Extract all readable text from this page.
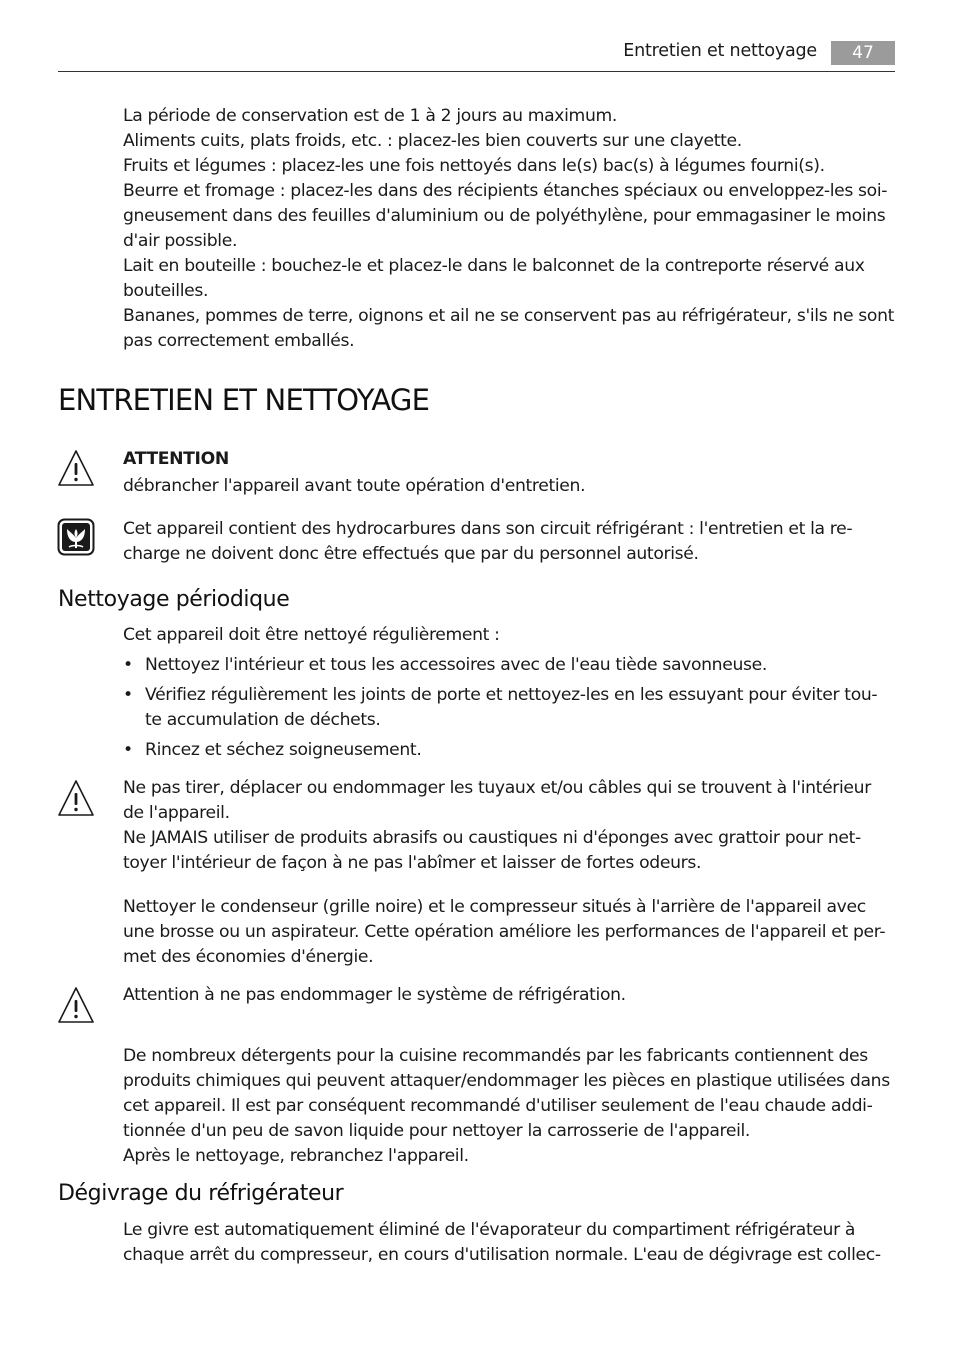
Entretien et nettoyage	47

La période de conservation est de 1 à 2 jours au maximum.

Aliments cuits, plats froids, etc. : placez-les bien couverts sur une clayette.

Fruits et légumes : placez-les une fois nettoyés dans le(s) bac(s) à légumes fourni(s).

Beurre et fromage : placez-les dans des récipients étanches spéciaux ou enveloppez-les soi-

gneusement dans des feuilles d'aluminium ou de polyéthylène, pour emmagasiner le moins

d'air possible.

Lait en bouteille : bouchez-le et placez-le dans le balconnet de la contreporte réservé aux

bouteilles.

Bananes, pommes de terre, oignons et ail ne se conservent pas au réfrigérateur, s'ils ne sont

pas correctement emballés.

ENTRETIEN ET NETTOYAGE

ATTENTION

débrancher l'appareil avant toute opération d'entretien.

Cet appareil contient des hydrocarbures dans son circuit réfrigérant : l'entretien et la re-

charge ne doivent donc être effectués que par du personnel autorisé.

Nettoyage périodique

Cet appareil doit être nettoyé régulièrement :

• Nettoyez l'intérieur et tous les accessoires avec de l'eau tiède savonneuse.
• Vérifiez régulièrement les joints de porte et nettoyez-les en les essuyant pour éviter tou-
te accumulation de déchets.
• Rincez et séchez soigneusement.

Ne pas tirer, déplacer ou endommager les tuyaux et/ou câbles qui se trouvent à l'intérieur

de l'appareil.

Ne JAMAIS utiliser de produits abrasifs ou caustiques ni d'éponges avec grattoir pour net-

toyer l'intérieur de façon à ne pas l'abîmer et laisser de fortes odeurs.

Nettoyer le condenseur (grille noire) et le compresseur situés à l'arrière de l'appareil avec

une brosse ou un aspirateur. Cette opération améliore les performances de l'appareil et per-

met des économies d'énergie.

Attention à ne pas endommager le système de réfrigération.

De nombreux détergents pour la cuisine recommandés par les fabricants contiennent des

produits chimiques qui peuvent attaquer/endommager les pièces en plastique utilisées dans

cet appareil. Il est par conséquent recommandé d'utiliser seulement de l'eau chaude addi-

tionnée d'un peu de savon liquide pour nettoyer la carrosserie de l'appareil.

Après le nettoyage, rebranchez l'appareil.

Dégivrage du réfrigérateur

Le givre est automatiquement éliminé de l'évaporateur du compartiment réfrigérateur à

chaque arrêt du compresseur, en cours d'utilisation normale. L'eau de dégivrage est collec-
